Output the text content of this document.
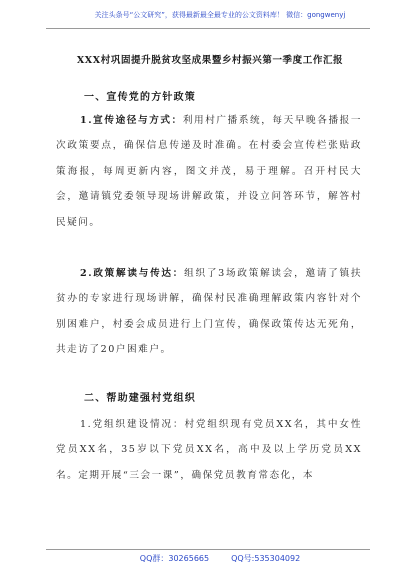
关注头条号“公文研究”，获得最新最全最专业的公文资料库！ 微信：gongwenyj
XXX村巩固提升脱贫攻坚成果暨乡村振兴第一季度工作汇报
一、宣传党的方针政策
1.宣传途径与方式：利用村广播系统，每天早晚各播报一次政策要点，确保信息传递及时准确。在村委会宣传栏张贴政策海报，每周更新内容，图文并茂，易于理解。召开村民大会，邀请镇党委领导现场讲解政策，并设立问答环节，解答村民疑问。
2.政策解读与传达：组织了3场政策解读会，邀请了镇扶贫办的专家进行现场讲解，确保村民准确理解政策内容针对个别困难户，村委会成员进行上门宣传，确保政策传达无死角，共走访了20户困难户。
二、帮助建强村党组织
1.党组织建设情况：村党组织现有党员XX名，其中女性党员XX名，35岁以下党员XX名，高中及以上学历党员XX名。定期开展“三会一课”，确保党员教育常态化，本
QQ群：30265665	QQ号:535304092
